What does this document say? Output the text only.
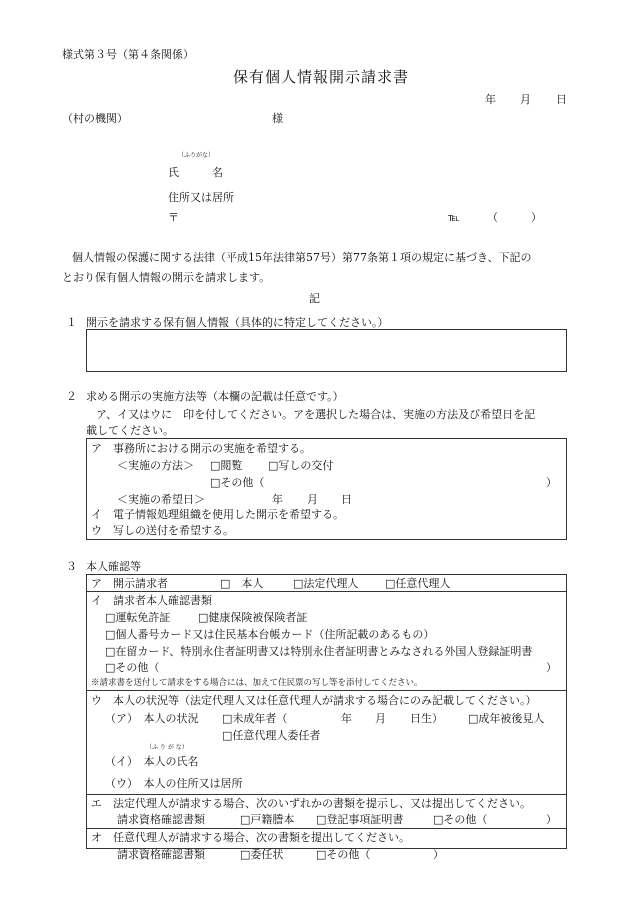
様式第３号（第４条関係）
保有個人情報開示請求書
年 月 日
（村の機関）	様
（ふりがな）
氏　　　名
住所又は居所
〒	℡ （　　　）
個人情報の保護に関する法律（平成15年法律第57号）第77条第１項の規定に基づき、下記の
とおり保有個人情報の開示を請求します。
記
１ 開示を請求する保有個人情報（具体的に特定してください。）
２ 求める開示の実施方法等（本欄の記載は任意です。）
ア、イ又はウに　印を付してください。アを選択した場合は、実施の方法及び希望日を記
載してください。
ア　事務所における開示の実施を希望する。
＜実施の方法＞ □閲覧 □写しの交付
□その他（	）
＜実施の希望日＞	年 月 日
イ　電子情報処理組織を使用した開示を希望する。
ウ　写しの送付を希望する。
３ 本人確認等
ア　開示請求者	□　本人	□法定代理人 □任意代理人
イ　請求者本人確認書類
□運転免許証	□健康保険被保険者証
□個人番号カード又は住民基本台帳カード（住所記載のあるもの）
□在留カード、特別永住者証明書又は特別永住者証明書とみなされる外国人登録証明書
□その他（	）
※請求書を送付して請求をする場合には、加えて住民票の写し等を添付してください。
ウ　本人の状況等（法定代理人又は任意代理人が請求する場合にのみ記載してください。）
（ア）　本人の状況 □未成年者（	年 月 日生） □成年被後見人
□任意代理人委任者
（ふ り が な）
（イ）　本人の氏名
（ウ）　本人の住所又は居所
エ　法定代理人が請求する場合、次のいずれかの書類を提示し、又は提出してください。
請求資格確認書類	□戸籍謄本 □登記事項証明書	□その他（	）
オ　任意代理人が請求する場合、次の書類を提出してください。
請求資格確認書類	□委任状	□その他（	）
